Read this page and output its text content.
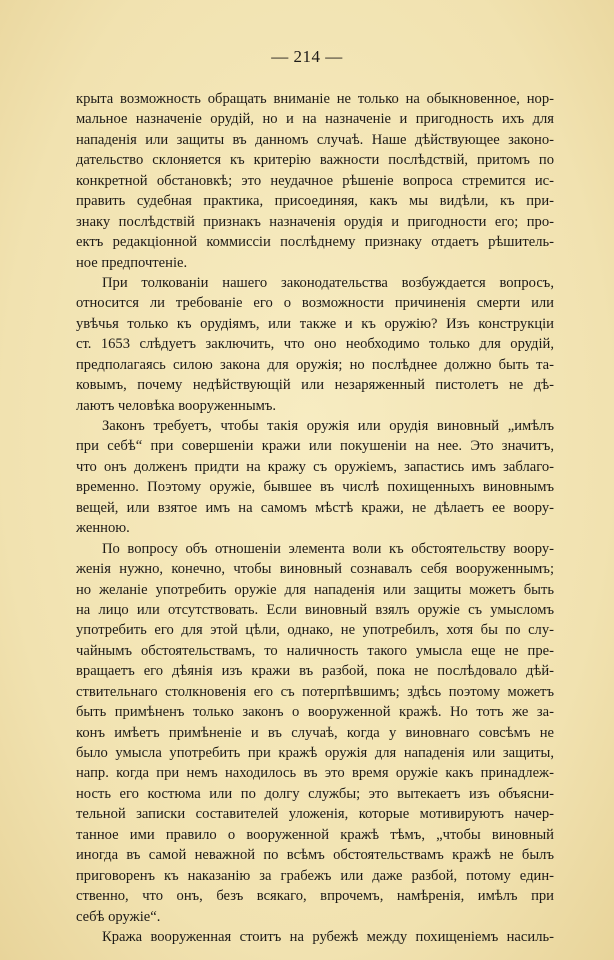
— 214 —
крыта возможность обращать вниманіе не только на обыкновенное, нор-
мальное назначеніе орудій, но и на назначеніе и пригодность ихъ для
нападенія или защиты въ данномъ случаѣ. Наше дѣйствующее законо-
дательство склоняется къ критерію важности послѣдствій, притомъ по
конкретной обстановкѣ; это неудачное рѣшеніе вопроса стремится ис-
править судебная практика, присоединяя, какъ мы видѣли, къ при-
знаку послѣдствій признакъ назначенія орудія и пригодности его; про-
ектъ редакціонной коммиссіи послѣднему признаку отдаетъ рѣшитель-
ное предпочтеніе.
При толкованіи нашего законодательства возбуждается вопросъ,
относится ли требованіе его о возможности причиненія смерти или
увѣчья только къ орудіямъ, или также и къ оружію? Изъ конструкціи
ст. 1653 слѣдуетъ заключить, что оно необходимо только для орудій,
предполагаясь силою закона для оружія; но послѣднее должно быть та-
ковымъ, почему недѣйствующій или незаряженный пистолетъ не дѣ-
лаютъ человѣка вооруженнымъ.
Законъ требуетъ, чтобы такія оружія или орудія виновный „имѣлъ
при себѣ“ при совершеніи кражи или покушеніи на нее. Это значитъ,
что онъ долженъ придти на кражу съ оружіемъ, запастись имъ заблаго-
временно. Поэтому оружіе, бывшее въ числѣ похищенныхъ виновнымъ
вещей, или взятое имъ на самомъ мѣстѣ кражи, не дѣлаетъ ее воору-
женною.
По вопросу объ отношеніи элемента воли къ обстоятельству воору-
женія нужно, конечно, чтобы виновный сознавалъ себя вооруженнымъ;
но желаніе употребить оружіе для нападенія или защиты можетъ быть
на лицо или отсутствовать. Если виновный взялъ оружіе съ умысломъ
употребить его для этой цѣли, однако, не употребилъ, хотя бы по слу-
чайнымъ обстоятельствамъ, то наличность такого умысла еще не пре-
вращаетъ его дѣянія изъ кражи въ разбой, пока не послѣдовало дѣй-
ствительнаго столкновенія его съ потерпѣвшимъ; здѣсь поэтому можетъ
быть примѣненъ только законъ о вооруженной кражѣ. Но тотъ же за-
конъ имѣетъ примѣненіе и въ случаѣ, когда у виновнаго совсѣмъ не
было умысла употребить при кражѣ оружія для нападенія или защиты,
напр. когда при немъ находилось въ это время оружіе какъ принадлеж-
ность его костюма или по долгу службы; это вытекаетъ изъ объясни-
тельной записки составителей уложенія, которые мотивируютъ начер-
танное ими правило о вооруженной кражѣ тѣмъ, „чтобы виновный
иногда въ самой неважной по всѣмъ обстоятельствамъ кражѣ не былъ
приговоренъ къ наказанію за грабежъ или даже разбой, потому един-
ственно, что онъ, безъ всякаго, впрочемъ, намѣренія, имѣлъ при
себѣ оружіе“.
Кража вооруженная стоитъ на рубежѣ между похищеніемъ насиль-
